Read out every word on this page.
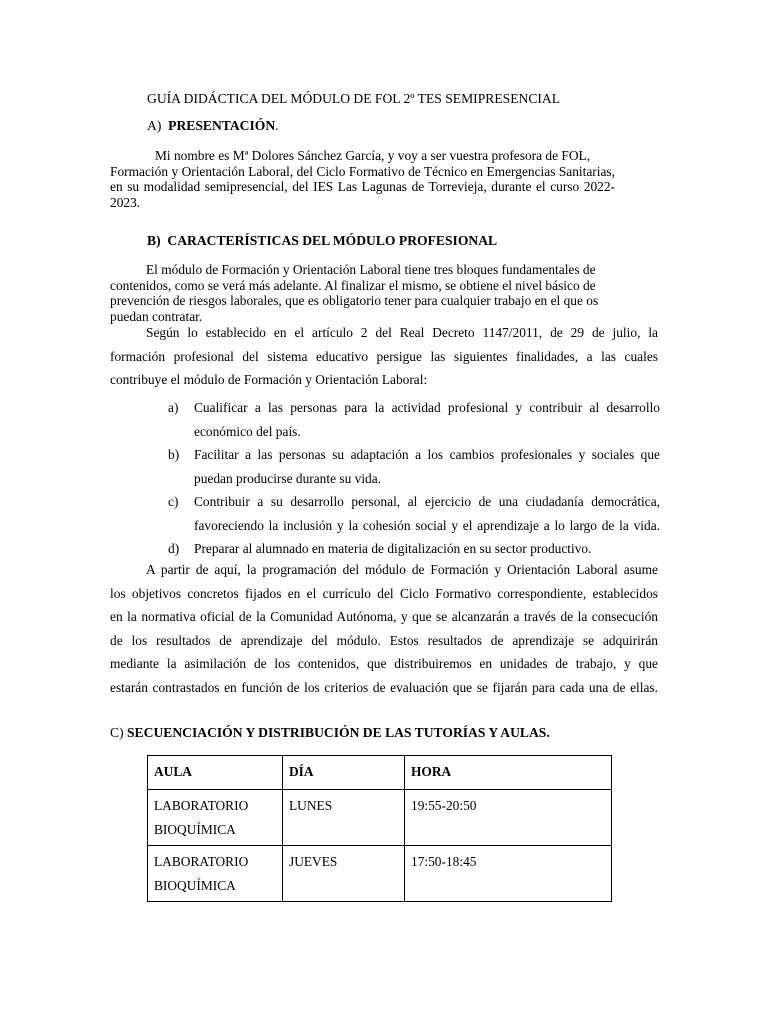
GUÍA DIDÁCTICA DEL MÓDULO DE FOL 2º TES SEMIPRESENCIAL
A) PRESENTACIÓN.
Mi nombre es Mª Dolores Sánchez García, y voy a ser vuestra profesora de FOL,
Formación y Orientación Laboral, del Ciclo Formativo de Técnico en Emergencias Sanitarias,
en su modalidad semipresencial, del IES Las Lagunas de Torrevieja, durante el curso 2022-
2023.
B) CARACTERÍSTICAS DEL MÓDULO PROFESIONAL
El módulo de Formación y Orientación Laboral tiene tres bloques fundamentales de
contenidos, como se verá más adelante. Al finalizar el mismo, se obtiene el nivel básico de
prevención de riesgos laborales, que es obligatorio tener para cualquier trabajo en el que os
puedan contratar.
Según lo establecido en el artículo 2 del Real Decreto 1147/2011, de 29 de julio, la
formación profesional del sistema educativo persigue las siguientes finalidades, a las cuales
contribuye el módulo de Formación y Orientación Laboral:
a) Cualificar a las personas para la actividad profesional y contribuir al desarrollo
económico del país.
b) Facilitar a las personas su adaptación a los cambios profesionales y sociales que
puedan producirse durante su vida.
c) Contribuir a su desarrollo personal, al ejercicio de una ciudadanía democrática,
favoreciendo la inclusión y la cohesión social y el aprendizaje a lo largo de la vida.
d) Preparar al alumnado en materia de digitalización en su sector productivo.
A partir de aquí, la programación del módulo de Formación y Orientación Laboral asume
los objetivos concretos fijados en el currículo del Ciclo Formativo correspondiente, establecidos
en la normativa oficial de la Comunidad Autónoma, y que se alcanzarán a través de la consecución
de los resultados de aprendizaje del módulo. Estos resultados de aprendizaje se adquirirán
mediante la asimilación de los contenidos, que distribuiremos en unidades de trabajo, y que
estarán contrastados en función de los criterios de evaluación que se fijarán para cada una de ellas.
C) SECUENCIACIÓN Y DISTRIBUCIÓN DE LAS TUTORÍAS Y AULAS.
AULA	DÍA	HORA

LABORATORIO
BIOQUÍMICA	LUNES	19:55-20:50

LABORATORIO
BIOQUÍMICA	JUEVES	17:50-18:45
